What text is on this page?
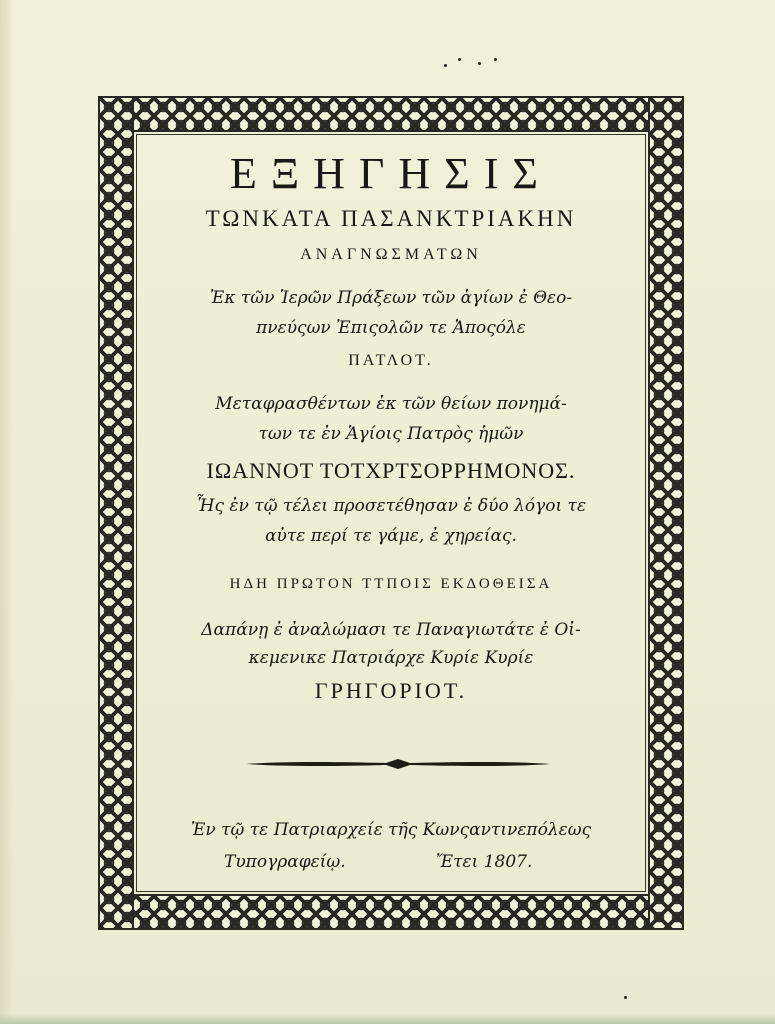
ΕΞΗΓΗΣΙΣ
ΤΩΝΚΑΤΑ ΠΑΣΑΝΚΤΡΙΑΚΗΝ
ΑΝΑΓΝΩΣΜΑΤΩΝ
Ἐκ τῶν Ἱερῶν Πράξεων τῶν ἁγίων ἐ Θεο-
πνεύςων Ἐπιςολῶν τε Ἀποςόλε
ΠΑΤΛΟΤ.
Μεταφρασθέντων ἐκ τῶν θείων πονημά-
των τε ἐν Ἁγίοις Πατρὸς ἡμῶν
ΙΩΑΝΝΟΤ ΤΟΤΧΡΤΣΟΡΡΗΜΟΝΟΣ.
Ἧς ἐν τῷ τέλει προσετέθησαν ἐ δύο λόγοι τε
αὐτε περί τε γάμε, ἐ χηρείας.
ΗΔΗ ΠΡΩΤΟΝ ΤΤΠΟΙΣ ΕΚΔΟΘΕΙΣΑ
Δαπάνῃ ἐ ἀναλώμασι τε Παναγιωτάτε ἐ Οἰ-
κεμενικε Πατριάρχε Κυρίε Κυρίε
ΓΡΗΓΟΡΙΟΤ.
Ἐν τῷ τε Πατριαρχείε τῆς Κωνςαντινεπόλεως
Τυπογραφείῳ.	Ἔτει 1807.
